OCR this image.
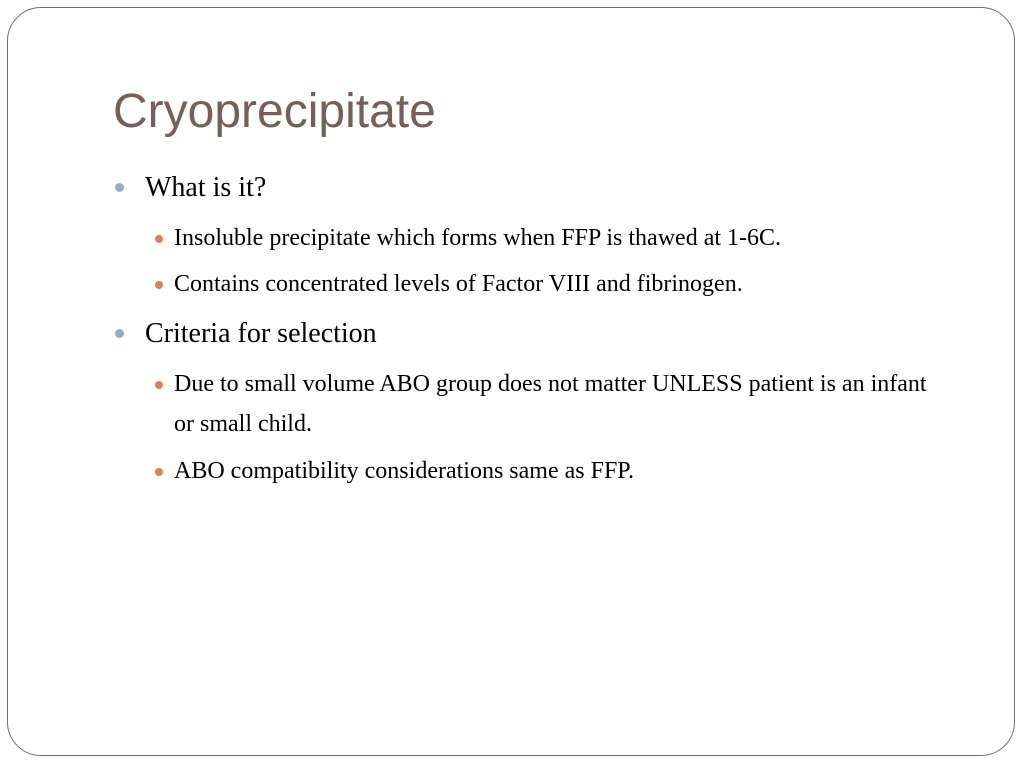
Cryoprecipitate
What is it?
Insoluble precipitate which forms when FFP is thawed at 1-6C.
Contains concentrated levels of Factor VIII and fibrinogen.
Criteria for selection
Due to small volume ABO group does not matter UNLESS patient is an infant or small child.
ABO compatibility considerations same as FFP.
